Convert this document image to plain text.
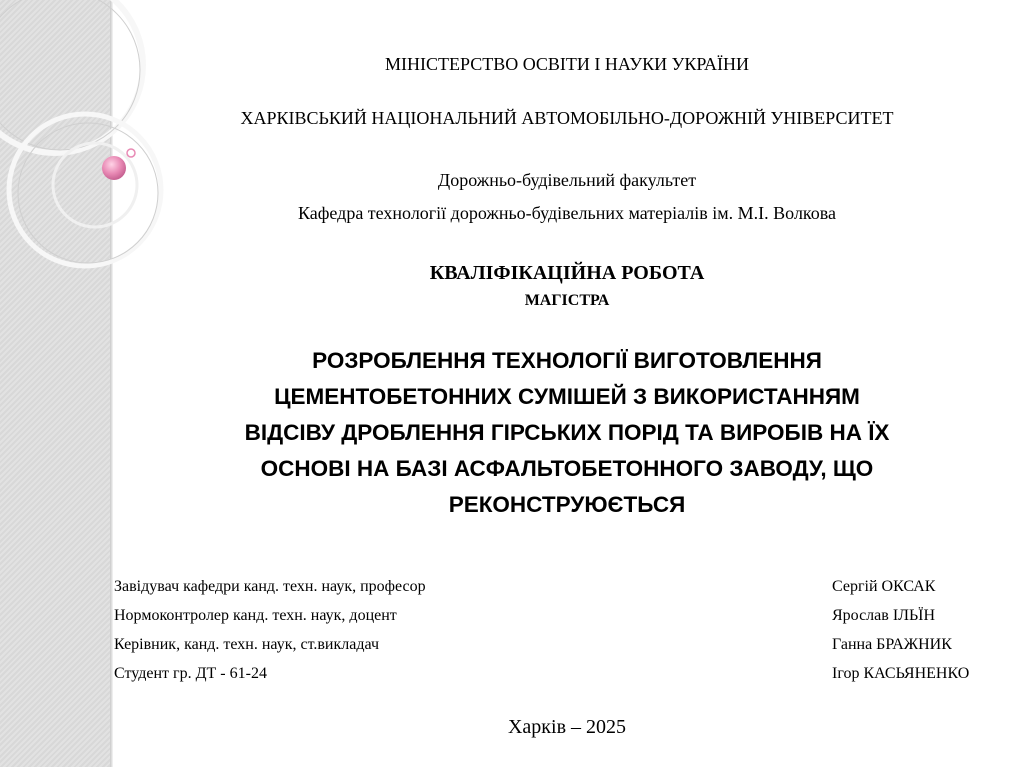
МІНІСТЕРСТВО ОСВІТИ І НАУКИ УКРАЇНИ
ХАРКІВСЬКИЙ НАЦІОНАЛЬНИЙ АВТОМОБІЛЬНО-ДОРОЖНІЙ УНІВЕРСИТЕТ
Дорожньо-будівельний факультет
Кафедра технології дорожньо-будівельних матеріалів ім. М.І. Волкова
КВАЛІФІКАЦІЙНА РОБОТА
МАГІСТРА
РОЗРОБЛЕННЯ ТЕХНОЛОГІЇ ВИГОТОВЛЕННЯ
ЦЕМЕНТОБЕТОННИХ СУМІШЕЙ З ВИКОРИСТАННЯМ
ВІДСІВУ ДРОБЛЕННЯ ГІРСЬКИХ ПОРІД ТА ВИРОБІВ НА ЇХ
ОСНОВІ НА БАЗІ АСФАЛЬТОБЕТОННОГО ЗАВОДУ, ЩО
РЕКОНСТРУЮЄТЬСЯ
Завідувач кафедри канд. техн. наук, професор	Сергій ОКСАК
Нормоконтролер канд. техн. наук, доцент	Ярослав ІЛЬЇН
Керівник, канд. техн. наук, ст.викладач	Ганна БРАЖНИК
Студент гр. ДТ - 61-24	Ігор КАСЬЯНЕНКО
Харків – 2025
